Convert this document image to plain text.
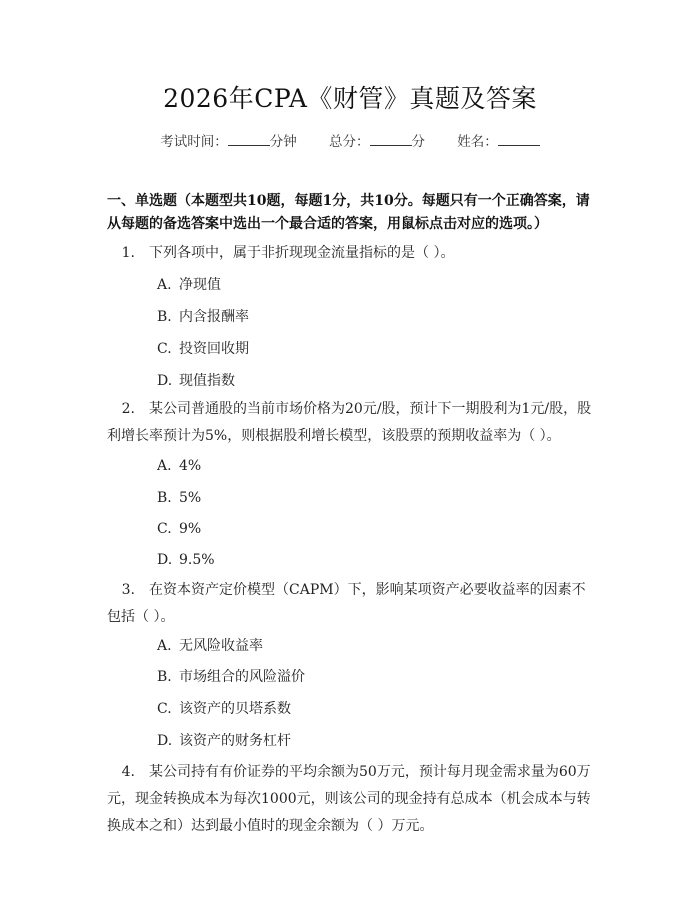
2026年CPA《财管》真题及答案
考试时间：	分钟 总分：	分 姓名：
一、单选题（本题型共10题，每题1分，共10分。每题只有一个正确答案，请从每题的备选答案中选出一个最合适的答案，用鼠标点击对应的选项。）
1. 下列各项中，属于非折现现金流量指标的是（ ）。
A. 净现值
B. 内含报酬率
C. 投资回收期
D. 现值指数
2. 某公司普通股的当前市场价格为20元/股，预计下一期股利为1元/股，股利增长率预计为5%，则根据股利增长模型，该股票的预期收益率为（ ）。
A. 4%
B. 5%
C. 9%
D. 9.5%
3. 在资本资产定价模型（CAPM）下，影响某项资产必要收益率的因素不包括（ ）。
A. 无风险收益率
B. 市场组合的风险溢价
C. 该资产的贝塔系数
D. 该资产的财务杠杆
4. 某公司持有有价证券的平均余额为50万元，预计每月现金需求量为60万元，现金转换成本为每次1000元，则该公司的现金持有总成本（机会成本与转换成本之和）达到最小值时的现金余额为（ ）万元。
